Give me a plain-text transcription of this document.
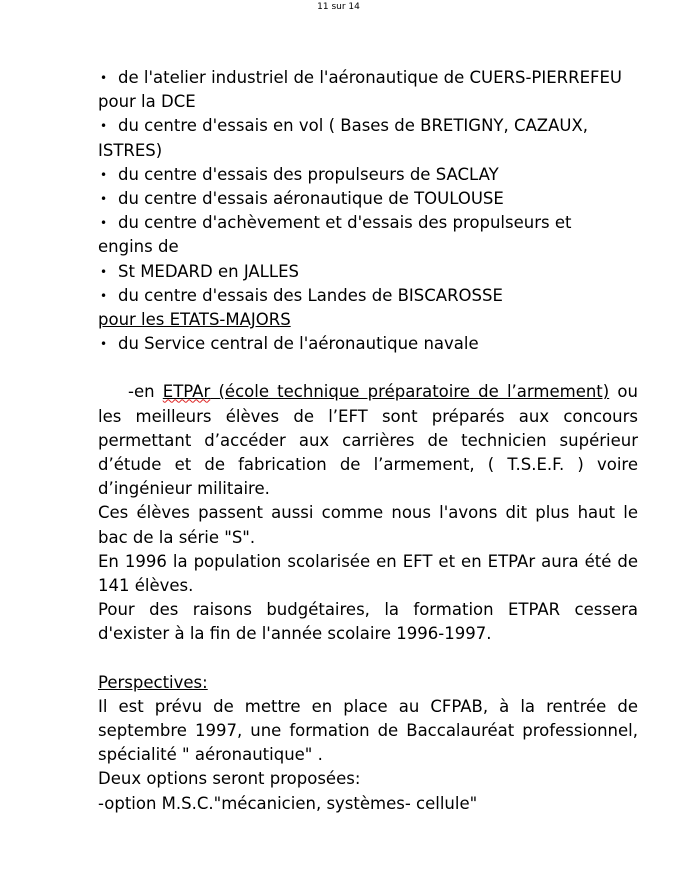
11 sur 14
• de l'atelier industriel de l'aéronautique de CUERS-PIERREFEU
pour la DCE
• du centre d'essais en vol ( Bases de BRETIGNY, CAZAUX,
ISTRES)
• du centre d'essais des propulseurs de SACLAY
• du centre d'essais aéronautique de TOULOUSE
• du centre d'achèvement et d'essais des propulseurs et
engins de
• St MEDARD en JALLES
• du centre d'essais des Landes de BISCAROSSE
pour les ETATS-MAJORS
• du Service central de l'aéronautique navale
-en ETPAr (école technique préparatoire de l’armement) ou les meilleurs élèves de l’EFT sont préparés aux concours permettant d’accéder aux carrières de technicien supérieur d’étude et de fabrication de l’armement, ( T.S.E.F. ) voire d’ingénieur militaire.
Ces élèves passent aussi comme nous l'avons dit plus haut le bac de la série "S".
En 1996 la population scolarisée en EFT et en ETPAr aura été de 141 élèves.
Pour des raisons budgétaires, la formation ETPAR cessera d'exister à la fin de l'année scolaire 1996-1997.
Perspectives:
Il est prévu de mettre en place au CFPAB, à la rentrée de septembre 1997, une formation de Baccalauréat professionnel, spécialité " aéronautique" .
Deux options seront proposées:
-option M.S.C."mécanicien, systèmes- cellule"
